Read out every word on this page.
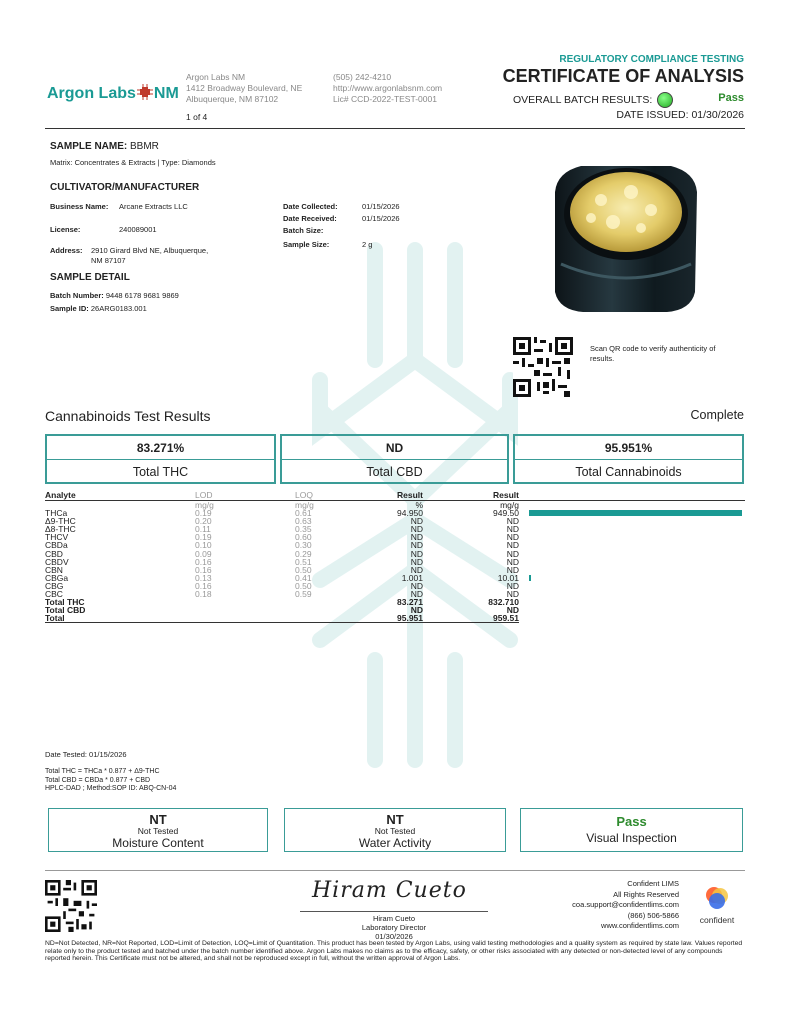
Argon Labs NM
Argon Labs NM
1412 Broadway Boulevard, NE
Albuquerque, NM 87102
1 of 4
(505) 242-4210
http://www.argonlabsnm.com
Lic# CCD-2022-TEST-0001
REGULATORY COMPLIANCE TESTING
CERTIFICATE OF ANALYSIS
OVERALL BATCH RESULTS:	Pass
DATE ISSUED: 01/30/2026
SAMPLE NAME: BBMR
Matrix: Concentrates & Extracts | Type: Diamonds
CULTIVATOR/MANUFACTURER
Business Name:	Arcane Extracts LLC
License:	240089001
Address:	2910 Girard Blvd NE, Albuquerque,
NM 87107
Date Collected:	01/15/2026
Date Received:	01/15/2026
Batch Size:
Sample Size:	2 g
SAMPLE DETAIL
Batch Number: 9448 6178 9681 9869
Sample ID: 26ARG0183.001
Scan QR code to verify authenticity of results.
Cannabinoids Test Results	Complete
83.271%
Total THC
ND
Total CBD
95.951%
Total Cannabinoids
Analyte	LOD	LOQ	Result	Result	
	mg/g	mg/g	%	mg/g	
THCa	0.19	0.61	94.950	949.50	

Δ9-THC	0.20	0.63	ND	ND	
Δ8-THC	0.11	0.35	ND	ND	
THCV	0.19	0.60	ND	ND	
CBDa	0.10	0.30	ND	ND	
CBD	0.09	0.29	ND	ND	
CBDV	0.16	0.51	ND	ND	
CBN	0.16	0.50	ND	ND	
CBGa	0.13	0.41	1.001	10.01	

CBG	0.16	0.50	ND	ND	
CBC	0.18	0.59	ND	ND	
Total THC			83.271	832.710	
Total CBD			ND	ND	
Total			95.951	959.51	
Date Tested: 01/15/2026
Total THC = THCa * 0.877 + Δ9-THC
Total CBD = CBDa * 0.877 + CBD
HPLC-DAD ; Method:SOP ID: ABQ-CN-04
NT
Not Tested
Moisture Content
NT
Not Tested
Water Activity
Pass
Visual Inspection
Hiram Cueto
Hiram Cueto
Laboratory Director
01/30/2026
Confident LIMS
All Rights Reserved
coa.support@confidentlims.com
(866) 506-5866
www.confidentlims.com
confident
ND=Not Detected, NR=Not Reported, LOD=Limit of Detection, LOQ=Limit of Quantitation. This product has been tested by Argon Labs, using valid testing methodologies and a quality system as required by state law. Values reported relate only to the product tested and batched under the batch number identified above. Argon Labs makes no claims as to the efficacy, safety, or other risks associated with any detected or non-detected level of any compounds reported herein. This Certificate must not be altered, and shall not be reproduced except in full, without the written approval of Argon Labs.
